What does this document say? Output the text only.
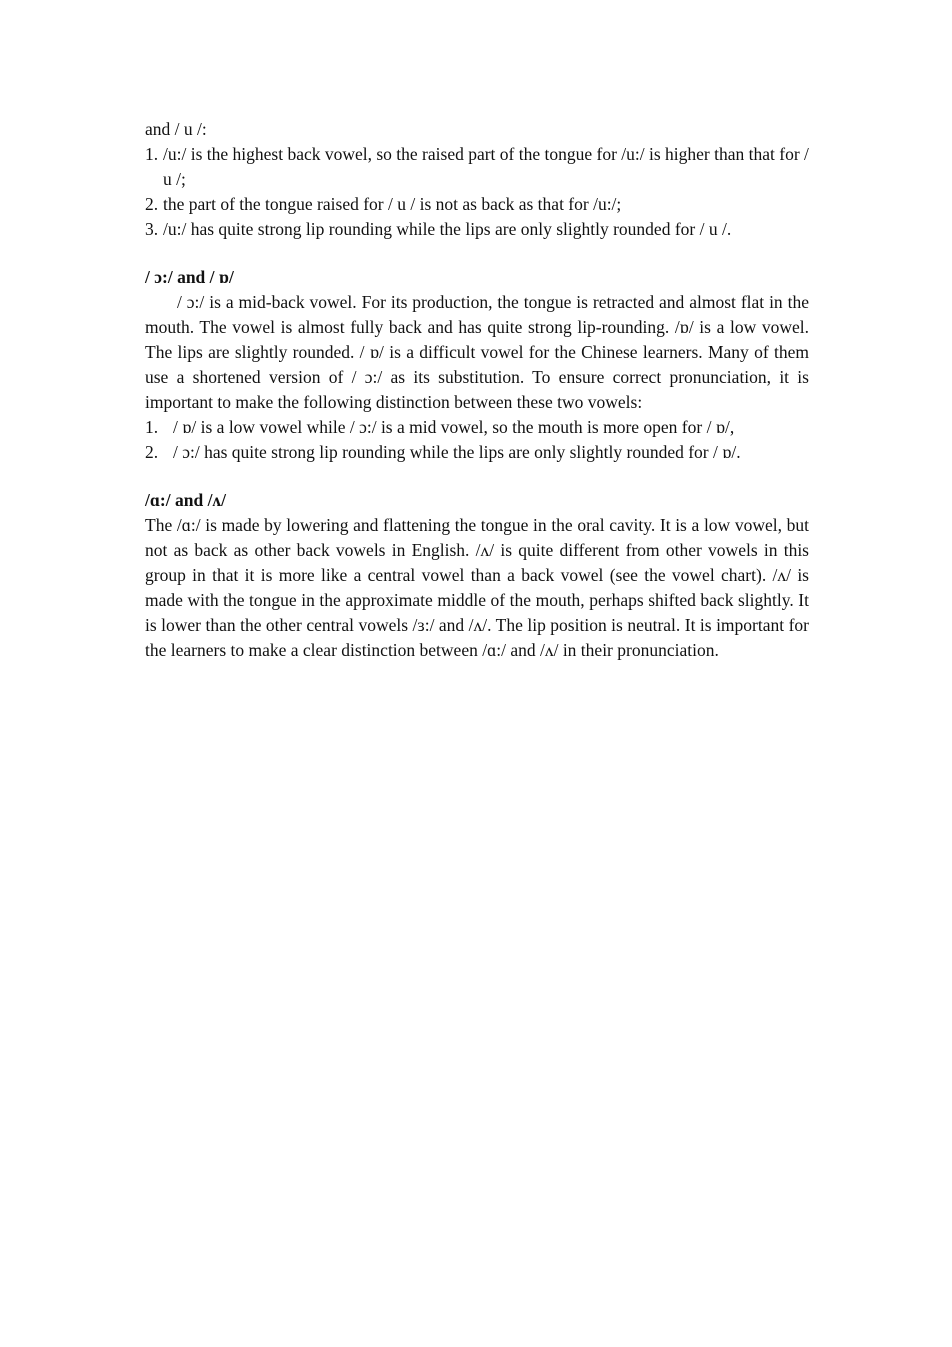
and / u /:

1. /u:/ is the highest back vowel, so the raised part of the tongue for /u:/ is higher than that for / u /;
2. the part of the tongue raised for / u / is not as back as that for /u:/;
3. /u:/ has quite strong lip rounding while the lips are only slightly rounded for / u /.

/ ɔ:/ and / ɒ/

/ ɔ:/ is a mid-back vowel. For its production, the tongue is retracted and almost flat in the mouth. The vowel is almost fully back and has quite strong lip-rounding. /ɒ/ is a low vowel. The lips are slightly rounded. / ɒ/ is a difficult vowel for the Chinese learners. Many of them use a shortened version of / ɔ:/ as its substitution. To ensure correct pronunciation, it is important to make the following distinction between these two vowels:

1. / ɒ/ is a low vowel while / ɔ:/ is a mid vowel, so the mouth is more open for / ɒ/,
2. / ɔ:/ has quite strong lip rounding while the lips are only slightly rounded for / ɒ/.

/ɑ:/ and /ʌ/

The /ɑ:/ is made by lowering and flattening the tongue in the oral cavity. It is a low vowel, but not as back as other back vowels in English. /ʌ/ is quite different from other vowels in this group in that it is more like a central vowel than a back vowel (see the vowel chart). /ʌ/ is made with the tongue in the approximate middle of the mouth, perhaps shifted back slightly. It is lower than the other central vowels /ɜ:/ and /ʌ/. The lip position is neutral. It is important for the learners to make a clear distinction between /ɑ:/ and /ʌ/ in their pronunciation.
